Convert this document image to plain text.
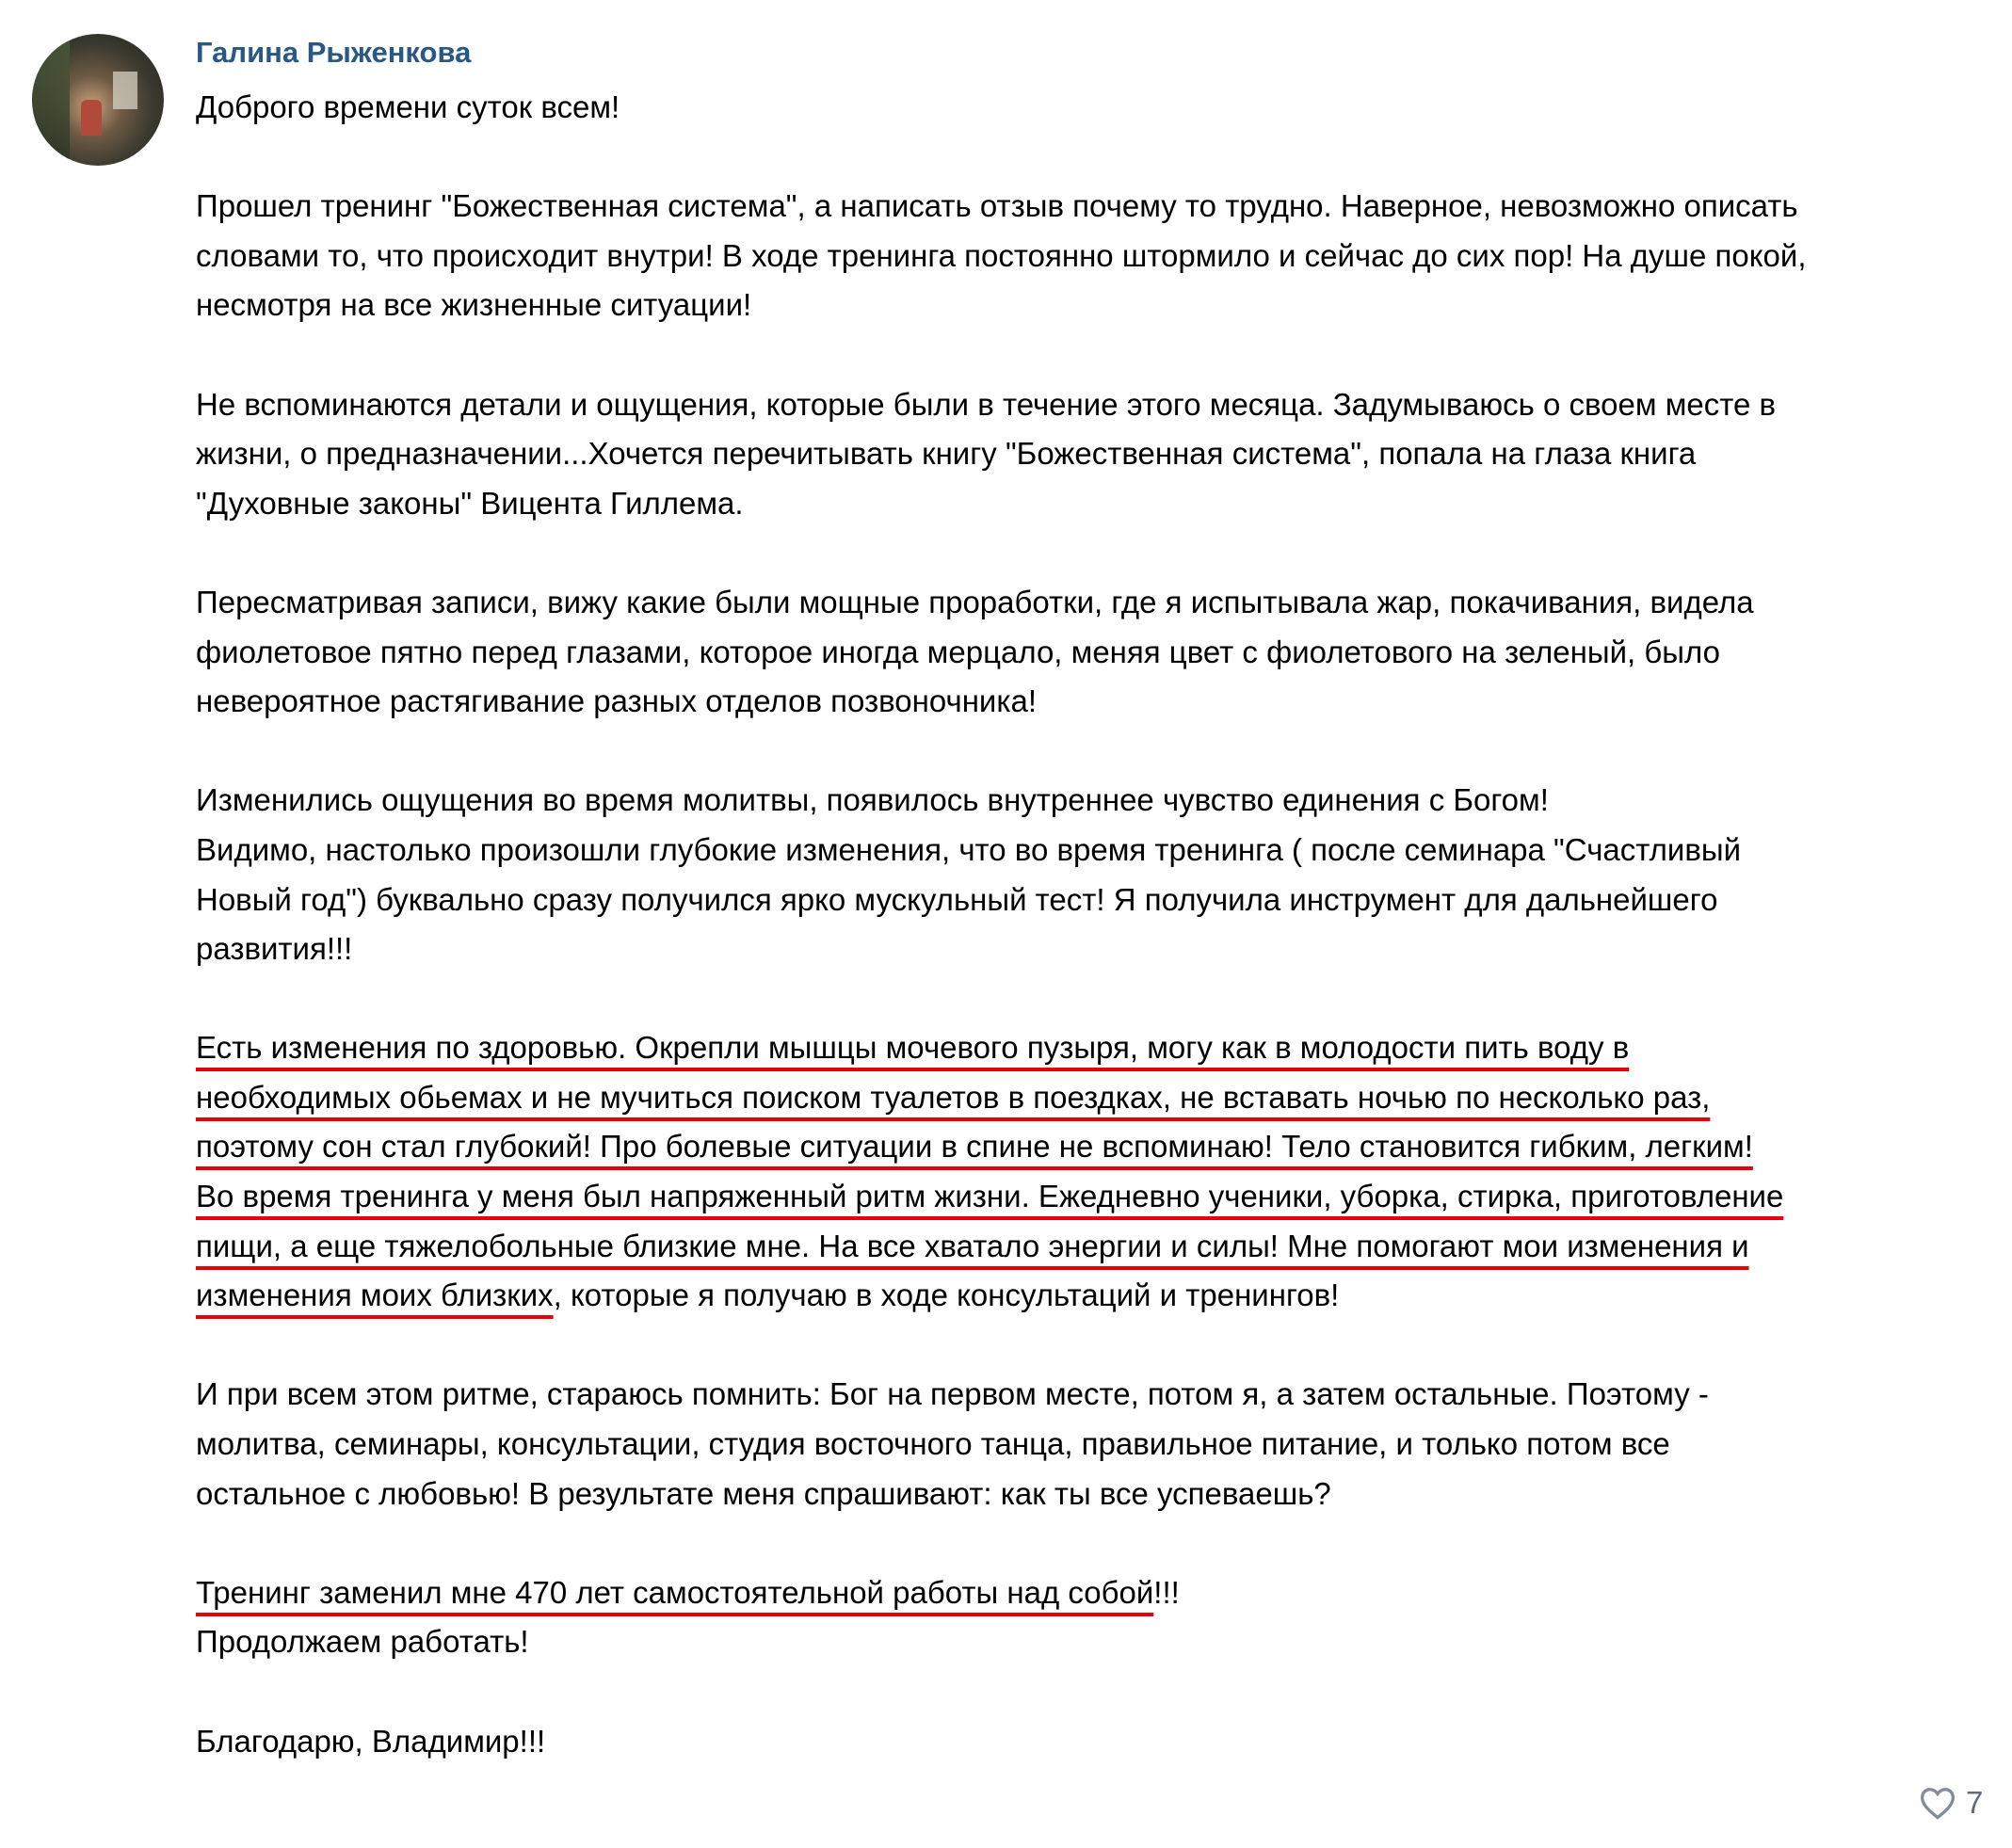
Галина Рыженкова

Доброго времени суток всем!

Прошел тренинг "Божественная система", а написать отзыв почему то трудно. Наверное, невозможно описать
словами то, что происходит внутри! В ходе тренинга постоянно штормило и сейчас до сих пор! На душе покой,
несмотря на все жизненные ситуации!

Не вспоминаются детали и ощущения, которые были в течение этого месяца. Задумываюсь о своем месте в
жизни, о предназначении...Хочется перечитывать книгу "Божественная система", попала на глаза книга
"Духовные законы" Вицента Гиллема.

Пересматривая записи, вижу какие были мощные проработки, где я испытывала жар, покачивания, видела
фиолетовое пятно перед глазами, которое иногда мерцало, меняя цвет с фиолетового на зеленый, было
невероятное растягивание разных отделов позвоночника!

Изменились ощущения во время молитвы, появилось внутреннее чувство единения с Богом!
Видимо, настолько произошли глубокие изменения, что во время тренинга ( после семинара "Счастливый
Новый год") буквально сразу получился ярко мускульный тест! Я получила инструмент для дальнейшего
развития!!!

Есть изменения по здоровью. Окрепли мышцы мочевого пузыря, могу как в молодости пить воду в
необходимых обьемах и не мучиться поиском туалетов в поездках, не вставать ночью по несколько раз,
поэтому сон стал глубокий! Про болевые ситуации в спине не вспоминаю! Тело становится гибким, легким!
Во время тренинга у меня был напряженный ритм жизни. Ежедневно ученики, уборка, стирка, приготовление
пищи, а еще тяжелобольные близкие мне. На все хватало энергии и силы! Мне помогают мои изменения и
изменения моих близких, которые я получаю в ходе консультаций и тренингов!

И при всем этом ритме, стараюсь помнить: Бог на первом месте, потом я, а затем остальные. Поэтому -
молитва, семинары, консультации, студия восточного танца, правильное питание, и только потом все
остальное с любовью! В результате меня спрашивают: как ты все успеваешь?

Тренинг заменил мне 470 лет самостоятельной работы над собой!!!
Продолжаем работать!

Благодарю, Владимир!!!

7
